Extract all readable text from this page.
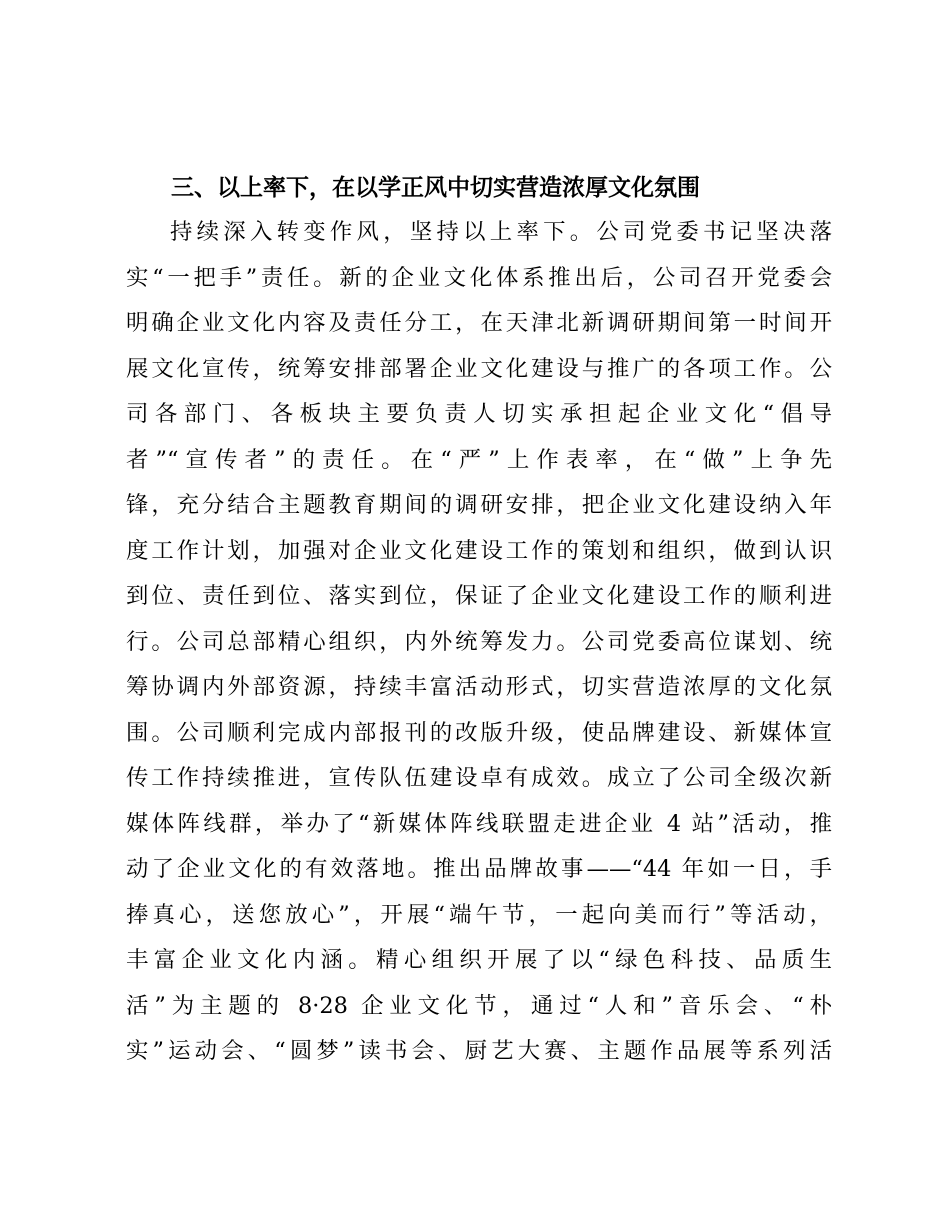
三、以上率下，在以学正风中切实营造浓厚文化氛围
持续深入转变作风，坚持以上率下。公司党委书记坚决落
实“一把手”责任。新的企业文化体系推出后，公司召开党委会
明确企业文化内容及责任分工，在天津北新调研期间第一时间开
展文化宣传，统筹安排部署企业文化建设与推广的各项工作。公
司各部门、各板块主要负责人切实承担起企业文化“倡导
者”“宣传者”的责任。在“严”上作表率，在“做”上争先
锋，充分结合主题教育期间的调研安排，把企业文化建设纳入年
度工作计划，加强对企业文化建设工作的策划和组织，做到认识
到位、责任到位、落实到位，保证了企业文化建设工作的顺利进
行。公司总部精心组织，内外统筹发力。公司党委高位谋划、统
筹协调内外部资源，持续丰富活动形式，切实营造浓厚的文化氛
围。公司顺利完成内部报刊的改版升级，使品牌建设、新媒体宣
传工作持续推进，宣传队伍建设卓有成效。成立了公司全级次新
媒体阵线群，举办了“新媒体阵线联盟走进企业 4 站”活动，推
动了企业文化的有效落地。推出品牌故事——“44 年如一日，手
捧真心，送您放心”，开展“端午节，一起向美而行”等活动，
丰富企业文化内涵。精心组织开展了以“绿色科技、品质生
活”为主题的 8·28 企业文化节，通过“人和”音乐会、“朴
实”运动会、“圆梦”读书会、厨艺大赛、主题作品展等系列活
